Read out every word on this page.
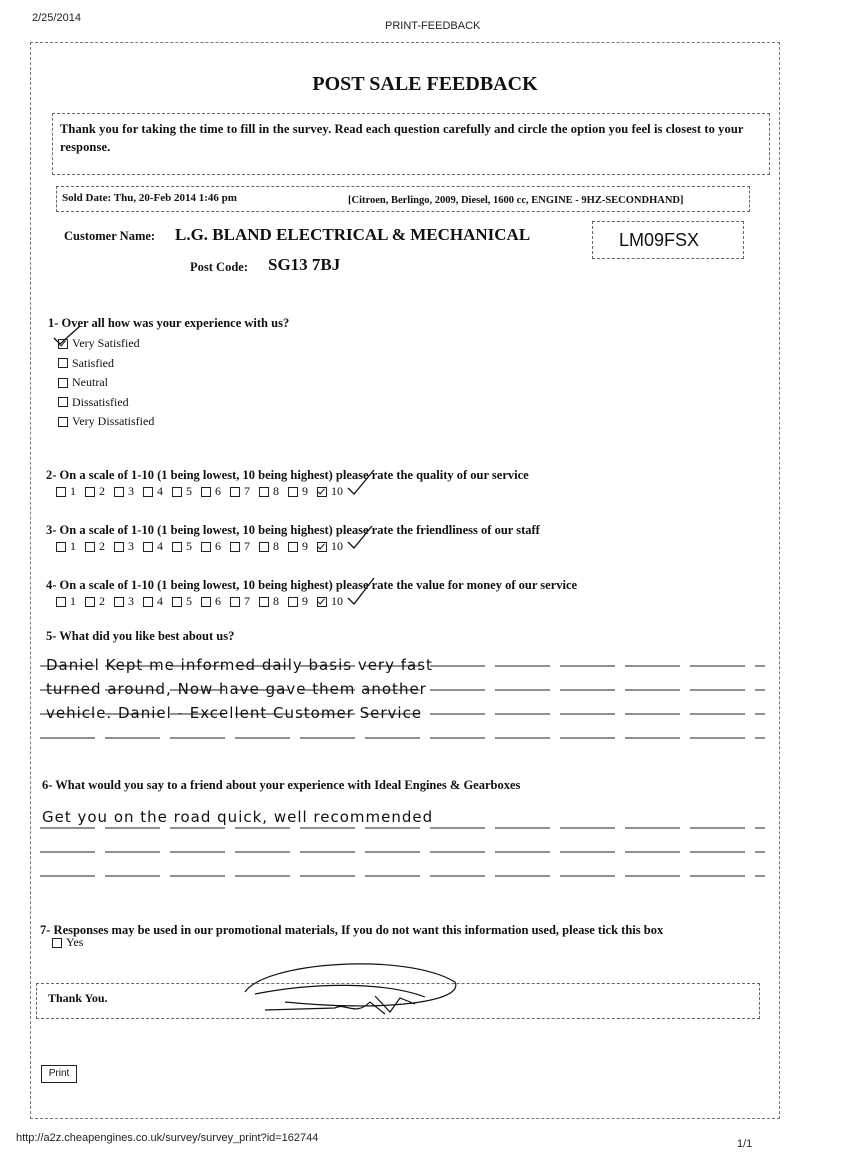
2/25/2014
PRINT-FEEDBACK
POST SALE FEEDBACK
Thank you for taking the time to fill in the survey. Read each question carefully and circle the option you feel is closest to your response.
Sold Date: Thu, 20-Feb 2014 1:46 pm	[Citroen, Berlingo, 2009, Diesel, 1600 cc, ENGINE - 9HZ-SECONDHAND]
Customer Name: L.G. BLAND ELECTRICAL & MECHANICAL	LM09FSX
Post Code: SG13 7BJ
1- Over all how was your experience with us?
Very Satisfied
Satisfied
Neutral
Dissatisfied
Very Dissatisfied
2- On a scale of 1-10 (1 being lowest, 10 being highest) please rate the quality of our service
1 2 3 4 5 6 7 8 9 10
3- On a scale of 1-10 (1 being lowest, 10 being highest) please rate the friendliness of our staff
1 2 3 4 5 6 7 8 9 10
4- On a scale of 1-10 (1 being lowest, 10 being highest) please rate the value for money of our service
1 2 3 4 5 6 7 8 9 10
5- What did you like best about us?
Daniel Kept me informed daily basis very fast
turned around, Now have gave them another
vehicle. Daniel - Excellent Customer Service
6- What would you say to a friend about your experience with Ideal Engines & Gearboxes
Get you on the road quick, well recommended
7- Responses may be used in our promotional materials, If you do not want this information used, please tick this box
Yes
Thank You.
Print
http://a2z.cheapengines.co.uk/survey/survey_print?id=162744	1/1
